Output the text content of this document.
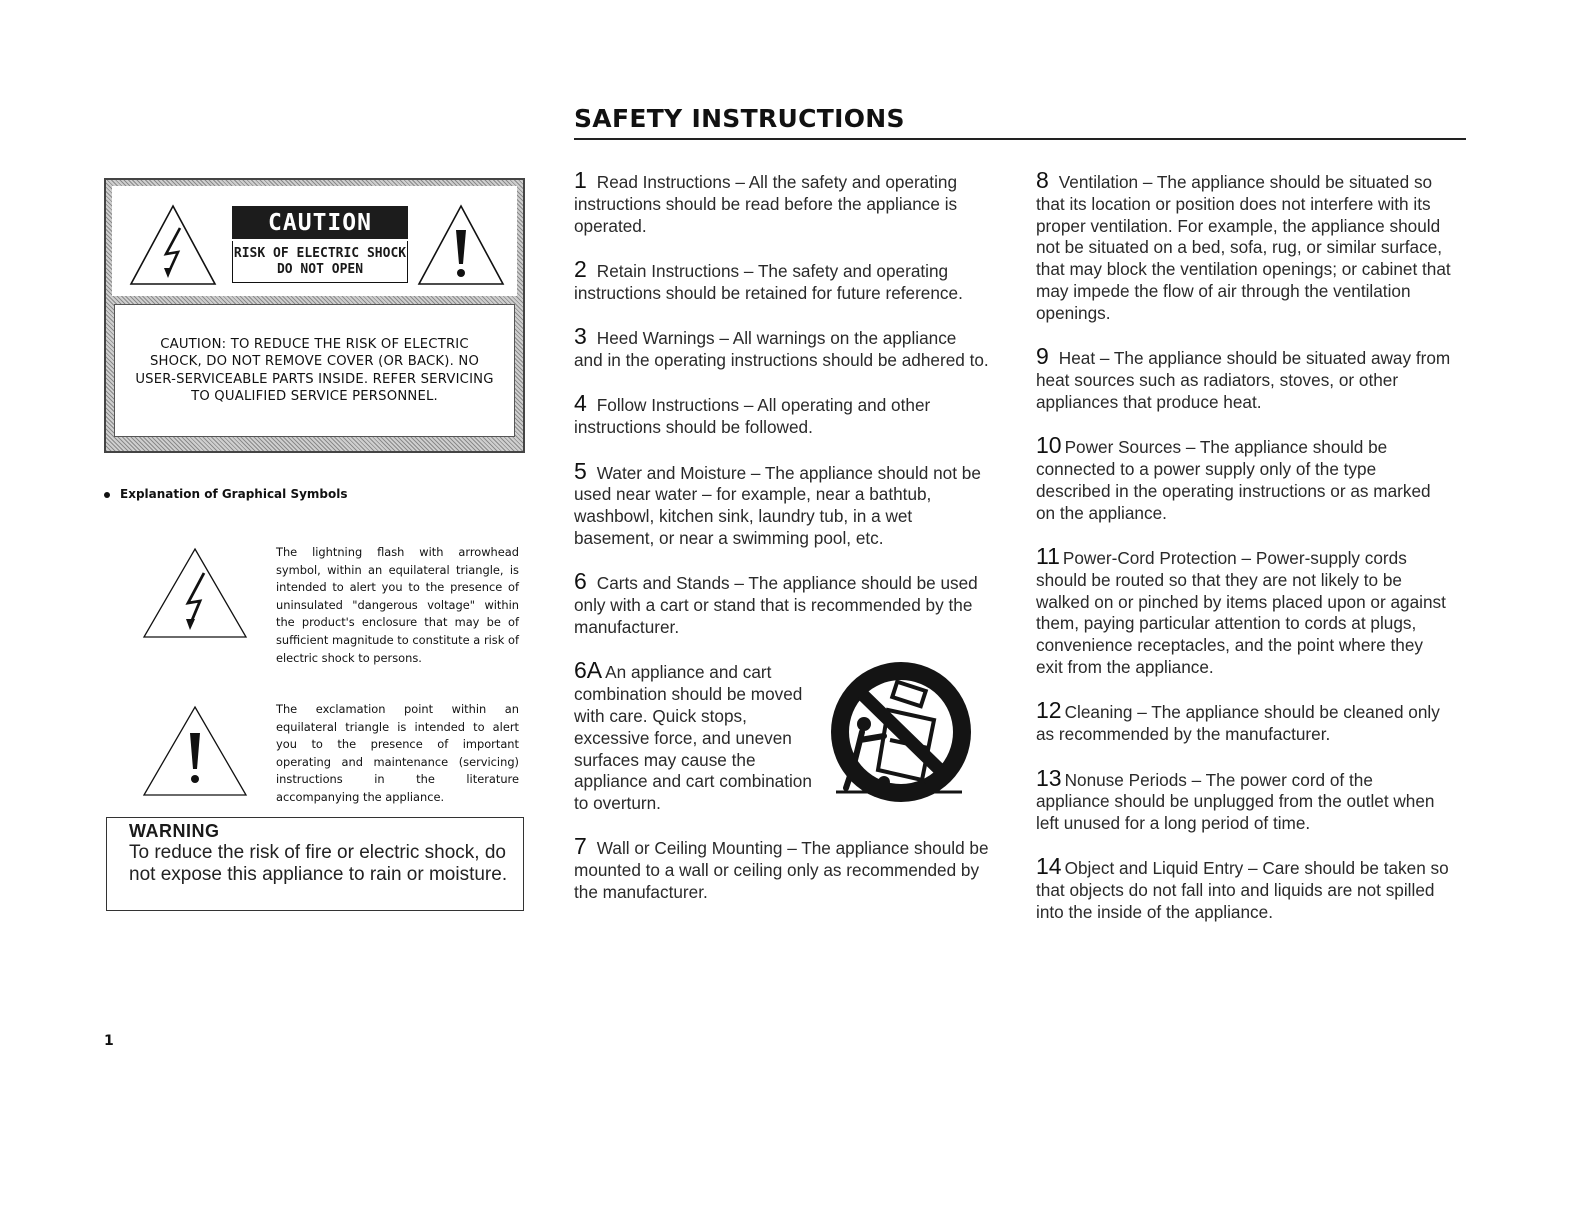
SAFETY INSTRUCTIONS
CAUTION
RISK OF ELECTRIC SHOCK
DO NOT OPEN
CAUTION: TO REDUCE THE RISK OF ELECTRIC SHOCK, DO NOT REMOVE COVER (OR BACK). NO USER-SERVICEABLE PARTS INSIDE. REFER SERVICING TO QUALIFIED SERVICE PERSONNEL.
Explanation of Graphical Symbols
The lightning flash with arrowhead symbol, within an equilateral triangle, is intended to alert you to the presence of uninsulated "dangerous voltage" within the product's enclosure that may be of sufficient magnitude to constitute a risk of electric shock to persons.
The exclamation point within an equilateral triangle is intended to alert you to the presence of important operating and maintenance (servicing) instructions in the literature accompanying the appliance.
WARNING
To reduce the risk of fire or electric shock, do not expose this appliance to rain or moisture.
1 Read Instructions – All the safety and operating instructions should be read before the appliance is operated.
2 Retain Instructions – The safety and operating instructions should be retained for future reference.
3 Heed Warnings – All warnings on the appliance and in the operating instructions should be adhered to.
4 Follow Instructions – All operating and other instructions should be followed.
5 Water and Moisture – The appliance should not be used near water – for example, near a bathtub, washbowl, kitchen sink, laundry tub, in a wet basement, or near a swimming pool, etc.
6 Carts and Stands – The appliance should be used only with a cart or stand that is recommended by the manufacturer.
6A An appliance and cart combination should be moved with care. Quick stops, excessive force, and uneven surfaces may cause the appliance and cart combination to overturn.
7 Wall or Ceiling Mounting – The appliance should be mounted to a wall or ceiling only as recommended by the manufacturer.
8 Ventilation – The appliance should be situated so that its location or position does not interfere with its proper ventilation. For example, the appliance should not be situated on a bed, sofa, rug, or similar surface, that may block the ventilation openings; or cabinet that may impede the flow of air through the ventilation openings.
9 Heat – The appliance should be situated away from heat sources such as radiators, stoves, or other appliances that produce heat.
10 Power Sources – The appliance should be connected to a power supply only of the type described in the operating instructions or as marked on the appliance.
11 Power-Cord Protection – Power-supply cords should be routed so that they are not likely to be walked on or pinched by items placed upon or against them, paying particular attention to cords at plugs, convenience receptacles, and the point where they exit from the appliance.
12 Cleaning – The appliance should be cleaned only as recommended by the manufacturer.
13 Nonuse Periods – The power cord of the appliance should be unplugged from the outlet when left unused for a long period of time.
14 Object and Liquid Entry – Care should be taken so that objects do not fall into and liquids are not spilled into the inside of the appliance.
1
